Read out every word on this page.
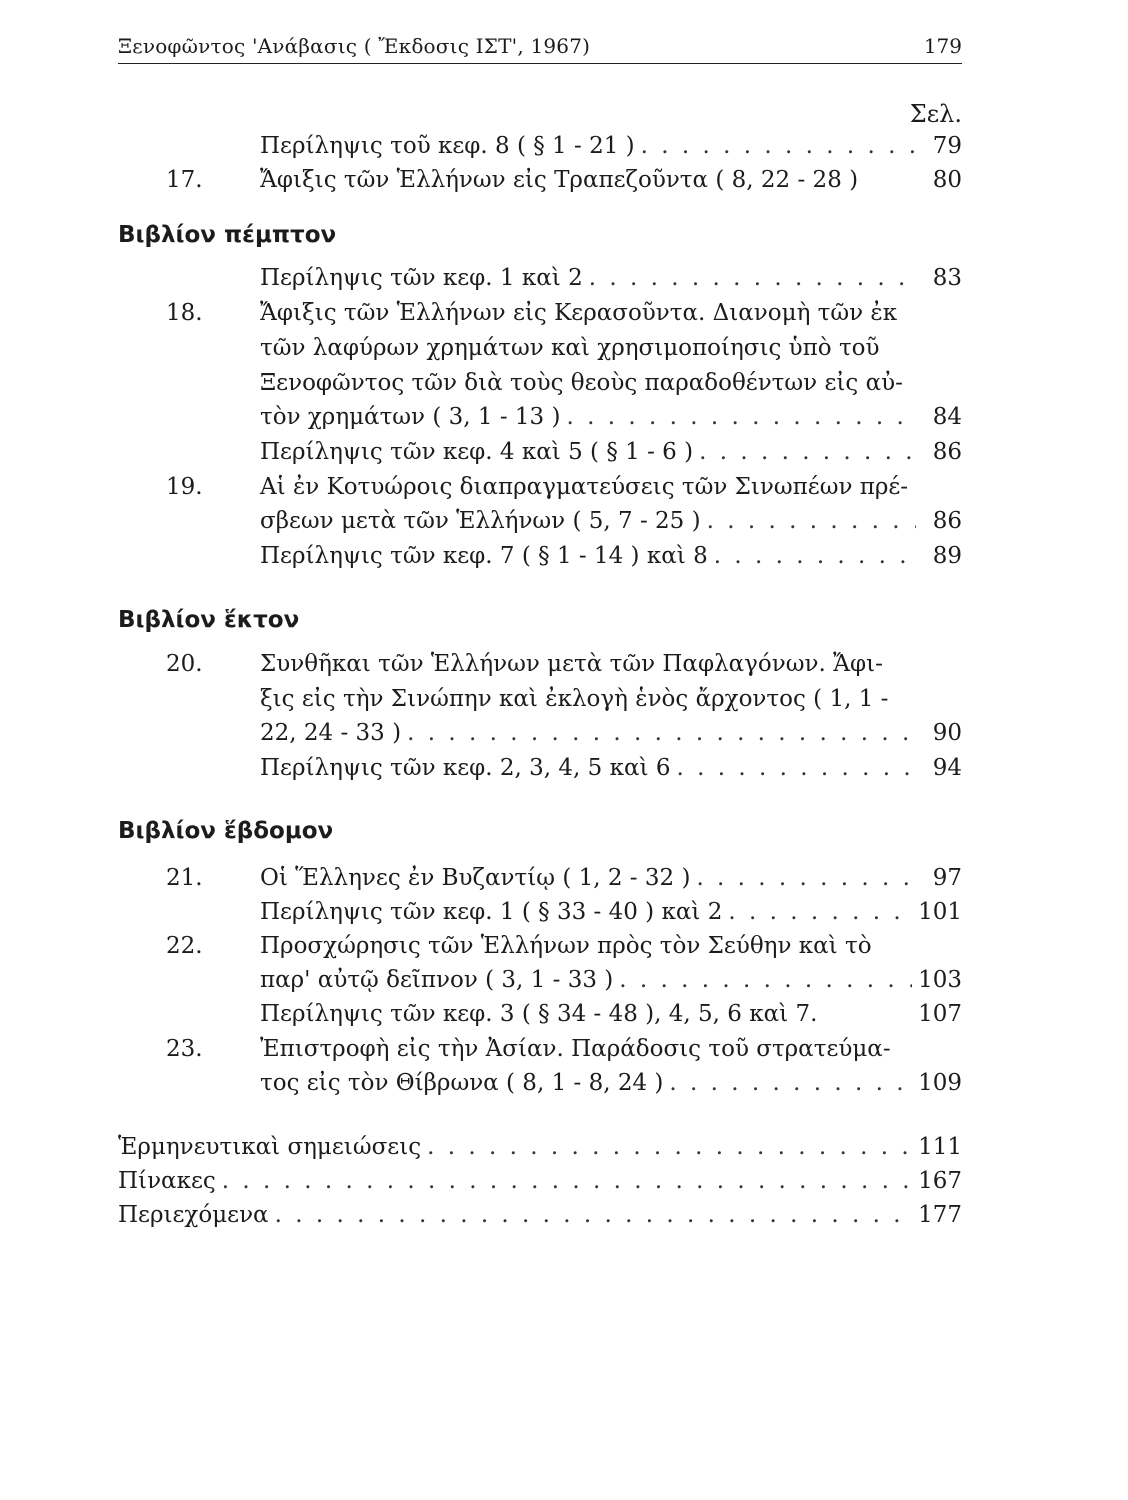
Ξενοφῶντος 'Ανάβασις ( Ἔκδοσις ΙΣΤ', 1967)	179
Σελ.
Περίληψις τοῦ κεφ. 8 ( § 1 - 21 ) . . .	79
17. Ἄφιξις τῶν Ἑλλήνων εἰς Τραπεζοῦντα ( 8, 22 - 28 )	80
Βιβλίον πέμπτον
Περίληψις τῶν κεφ. 1 καὶ 2 . . .	83
18. Ἄφιξις τῶν Ἑλλήνων εἰς Κερασοῦντα. Διανομὴ τῶν ἐκ
τῶν λαφύρων χρημάτων καὶ χρησιμοποίησις ὑπὸ τοῦ
Ξενοφῶντος τῶν διὰ τοὺς θεοὺς παραδοθέντων εἰς αὐ-
τὸν χρημάτων ( 3, 1 - 13 ) . . .	84
Περίληψις τῶν κεφ. 4 καὶ 5 ( § 1 - 6 ) . . .	86
19. Αἱ ἐν Κοτυώροις διαπραγματεύσεις τῶν Σινωπέων πρέ-
σβεων μετὰ τῶν Ἑλλήνων ( 5, 7 - 25 ) . . .	86
Περίληψις τῶν κεφ. 7 ( § 1 - 14 ) καὶ 8 . . .	89
Βιβλίον ἕκτον
20. Συνθῆκαι τῶν Ἑλλήνων μετὰ τῶν Παφλαγόνων. Ἄφι-
ξις εἰς τὴν Σινώπην καὶ ἐκλογὴ ἑνὸς ἄρχοντος ( 1, 1 -
22, 24 - 33 ) . . .	90
Περίληψις τῶν κεφ. 2, 3, 4, 5 καὶ 6 . . .	94
Βιβλίον ἕβδομον
21. Οἱ Ἕλληνες ἐν Βυζαντίῳ ( 1, 2 - 32 ) . . .	97
Περίληψις τῶν κεφ. 1 ( § 33 - 40 ) καὶ 2 . . .	101
22. Προσχώρησις τῶν Ἑλλήνων πρὸς τὸν Σεύθην καὶ τὸ
παρ' αὐτῷ δεῖπνον ( 3, 1 - 33 ) . . .	103
Περίληψις τῶν κεφ. 3 ( § 34 - 48 ), 4, 5, 6 καὶ 7.	107
23. Ἐπιστροφὴ εἰς τὴν Ἀσίαν. Παράδοσις τοῦ στρατεύμα-
τος εἰς τὸν Θίβρωνα ( 8, 1 - 8, 24 ) . . .	109
Ἑρμηνευτικαὶ σημειώσεις . . .	111
Πίνακες . . .	167
Περιεχόμενα . . .	177
